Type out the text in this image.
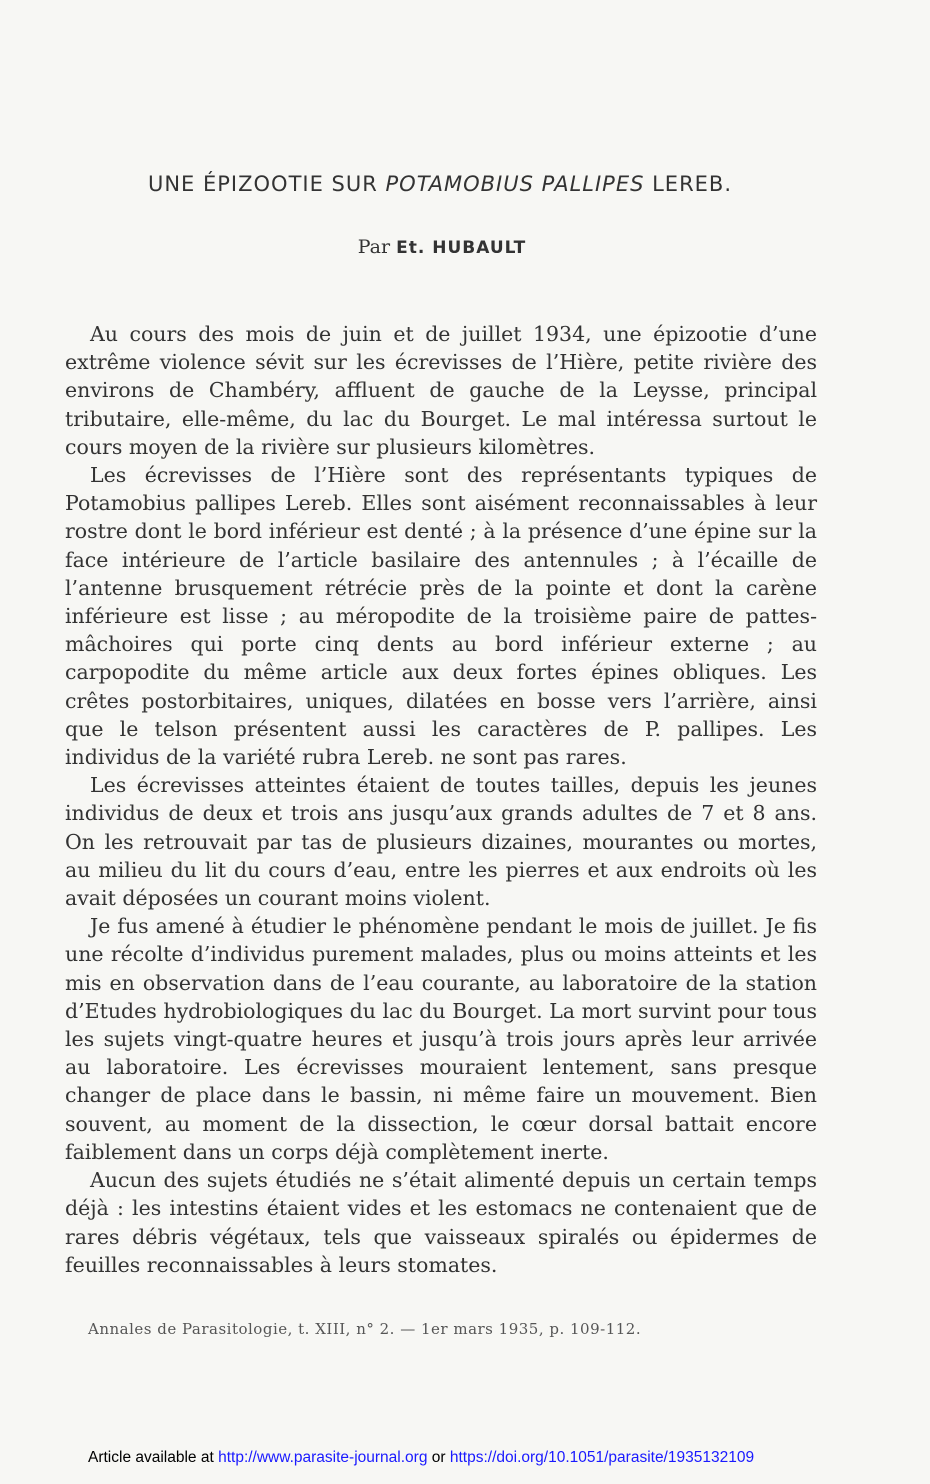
UNE ÉPIZOOTIE SUR POTAMOBIUS PALLIPES LEREB.
Par Et. HUBAULT

Au cours des mois de juin et de juillet 1934, une épizootie d’une extrême violence sévit sur les écrevisses de l’Hière, petite rivière des environs de Chambéry, affluent de gauche de la Leysse, principal tributaire, elle-même, du lac du Bourget. Le mal intéressa surtout le cours moyen de la rivière sur plusieurs kilomètres.

Les écrevisses de l’Hière sont des représentants typiques de Potamobius pallipes Lereb. Elles sont aisément reconnaissables à leur rostre dont le bord inférieur est denté ; à la présence d’une épine sur la face intérieure de l’article basilaire des antennules ; à l’écaille de l’antenne brusquement rétrécie près de la pointe et dont la carène inférieure est lisse ; au méropodite de la troisième paire de pattes-mâchoires qui porte cinq dents au bord inférieur externe ; au carpopodite du même article aux deux fortes épines obliques. Les crêtes postorbitaires, uniques, dilatées en bosse vers l’arrière, ainsi que le telson présentent aussi les caractères de P. pallipes. Les individus de la variété rubra Lereb. ne sont pas rares.

Les écrevisses atteintes étaient de toutes tailles, depuis les jeunes individus de deux et trois ans jusqu’aux grands adultes de 7 et 8 ans. On les retrouvait par tas de plusieurs dizaines, mourantes ou mortes, au milieu du lit du cours d’eau, entre les pierres et aux endroits où les avait déposées un courant moins violent.

Je fus amené à étudier le phénomène pendant le mois de juillet. Je fis une récolte d’individus purement malades, plus ou moins atteints et les mis en observation dans de l’eau courante, au laboratoire de la station d’Etudes hydrobiologiques du lac du Bourget. La mort survint pour tous les sujets vingt-quatre heures et jusqu’à trois jours après leur arrivée au laboratoire. Les écrevisses mouraient lentement, sans presque changer de place dans le bassin, ni même faire un mouvement. Bien souvent, au moment de la dissection, le cœur dorsal battait encore faiblement dans un corps déjà complètement inerte.

Aucun des sujets étudiés ne s’était alimenté depuis un certain temps déjà : les intestins étaient vides et les estomacs ne contenaient que de rares débris végétaux, tels que vaisseaux spiralés ou épidermes de feuilles reconnaissables à leurs stomates.

Annales de Parasitologie, t. XIII, n° 2. — 1er mars 1935, p. 109-112.
Article available at http://www.parasite-journal.org or https://doi.org/10.1051/parasite/1935132109
